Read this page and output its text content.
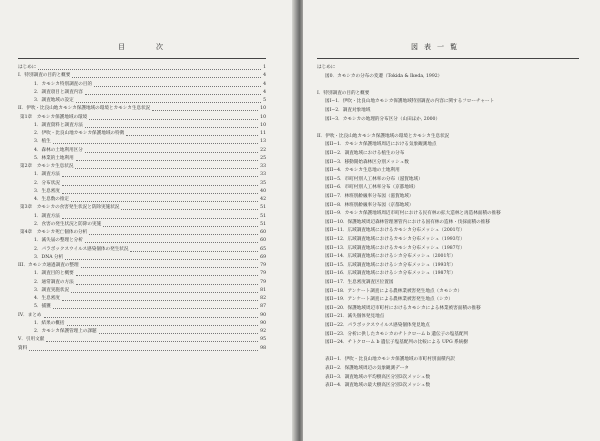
目　次
はじめに	1
I．特別調査の目的と概要	4
1．カモシカ特別調査の目的	4
2．調査項目と調査内容	4
3．調査地域の設定	5
II．伊吹・比良山地カモシカ保護地域の環境とカモシカ生息状況	10
第1章　カモシカ保護地域の環境	10
1．調査資料と調査方法	10
2．伊吹・比良山地カモシカ保護地域の特徴	11
3．植生	13
4．森林の土地利用区分	22
5．林業的土地利用	25
第2章　カモシカ生息状況	33
1．調査方法	33
2．分布状況	35
3．生息密度	40
4．生息数の推定	42
第3章　カモシカの食害発生状況と防除実施状況	51
1．調査方法	51
2．食害の発生状況と防除の実施	51
第4章　カモシカ死亡個体の分析	60
1．滅失届の整理と分析	60
2．パラポックスウイルス感染個体の発生状況	65
3．DNA 分析	69
III．カモシカ通過調査の整理	79
1．調査目的と概要	79
2．通常調査の方法	79
3．調査実施状況	81
4．生息密度	82
5．捕獲	87
IV．まとめ	90
1．結果の概括	90
2．カモシカ保護管理上の課題	92
V．引用文献	95
資料	98
図表一覧
はじめに
図0．カモシカの分布の変遷（Tokida & Ikeda, 1992）
I．特別調査の目的と概要
図I−1．伊吹・比良山地カモシカ保護地域特別調査の内容に関するフローチャート
図I−2．調査対象地域
図I−3．カモシカの地理的分布区分（山田ほか, 2000）
II．伊吹・比良山地カモシカ保護地域の環境とカモシカ生息状況
図II−1．カモシカ保護地域周辺における気象観測地点
図II−2．調査地域における植生の分布
図II−3．移動開始森林区分別メッシュ数
図II−4．カモシカ生息地の土地利用
図II−5．市町村別人工林率の分布（滋賀地域）
図II−6．市町村別人工林率分布（京都地域）
図II−7．林班別齢級率分布図（滋賀地域）
図II−8．林班別齢級率分布図（京都地域）
図II−9．カモシカ保護地域周辺市町村における民有林の拡大造林と再造林面積の推移
図II−10．保護地域周辺森林管理署管内における国有林の造林・伐採面積の推移
図II−11．広域調査地域におけるカモシカ分布メッシュ（2001年）
図II−12．広域調査地域におけるカモシカ分布メッシュ（1993年）
図II−13．広域調査地域におけるカモシカ分布メッシュ（1987年）
図II−14．広域調査地域におけるシカ分布メッシュ（2001年）
図II−15．広域調査地域におけるシカ分布メッシュ（1993年）
図II−16．広域調査地域におけるシカ分布メッシュ（1987年）
図II−17．生息密度調査区位置図
図II−18．アンケート調査による農林業被害発生地点（カモシカ）
図II−19．アンケート調査による農林業被害発生地点（シカ）
図II−20．保護地域周辺市町村におけるカモシカによる林業被害面積の推移
図II−21．滅失個体発見地点
図II−22．パラポックスウイルス感染個体発見地点
図II−23．分析に供したカモシカのチトクローム b 遺伝子の塩基配列
図II−24．チトクローム b 遺伝子塩基配列の比較による UPG 系統樹
表II−1．伊吹・比良山地カモシカ保護地域の市町村別面積内訳
表II−2．保護地域周辺の気象観測データ
表II−3．調査地域の平均樹高区分別3次メッシュ数
表II−4．調査地域の最大樹高区分別3次メッシュ数
